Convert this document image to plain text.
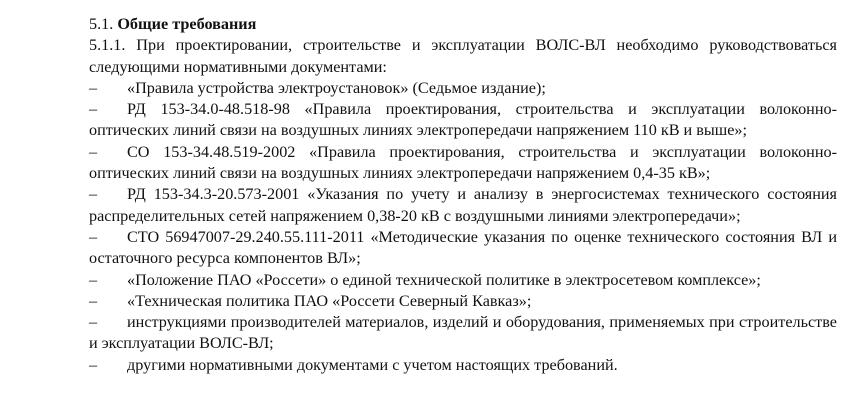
5.1. Общие требования
5.1.1. При проектировании, строительстве и эксплуатации ВОЛС-ВЛ необходимо руководствоваться следующими нормативными документами:
–	«Правила устройства электроустановок» (Седьмое издание);
–	РД 153-34.0-48.518-98 «Правила проектирования, строительства и эксплуатации волоконно-оптических линий связи на воздушных линиях электропередачи напряжением 110 кВ и выше»;
–	СО 153-34.48.519-2002 «Правила проектирования, строительства и эксплуатации волоконно-оптических линий связи на воздушных линиях электропередачи напряжением 0,4-35 кВ»;
–	РД 153-34.3-20.573-2001 «Указания по учету и анализу в энергосистемах технического состояния распределительных сетей напряжением 0,38-20 кВ с воздушными линиями электропередачи»;
–	СТО 56947007-29.240.55.111-2011 «Методические указания по оценке технического состояния ВЛ и остаточного ресурса компонентов ВЛ»;
–	«Положение ПАО «Россети» о единой технической политике в электросетевом комплексе»;
–	«Техническая политика ПАО «Россети Северный Кавказ»;
–	инструкциями производителей материалов, изделий и оборудования, применяемых при строительстве и эксплуатации ВОЛС-ВЛ;
–	другими нормативными документами с учетом настоящих требований.
